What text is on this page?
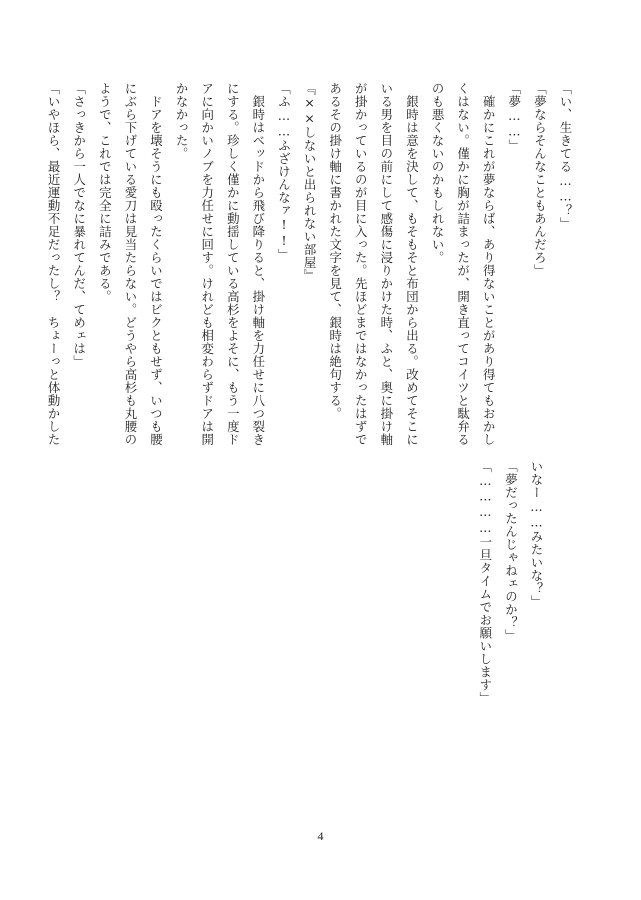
「い、生きてる……？」
「夢ならそんなこともあんだろ」
「夢……」
　確かにこれが夢ならば、あり得ないことがあり得てもおかし
くはない。僅かに胸が詰まったが、開き直ってコイツと駄弁る
のも悪くないのかもしれない。
　銀時は意を決して、もそもそと布団から出る。改めてそこに
いる男を目の前にして感傷に浸りかけた時、ふと、奥に掛け軸
が掛かっているのが目に入った。先ほどまではなかったはずで
あるその掛け軸に書かれた文字を見て、銀時は絶句する。
『××しないと出られない部屋』
「ふ……ふざけんなァ!!」
　銀時はベッドから飛び降りると、掛け軸を力任せに八つ裂き
にする。珍しく僅かに動揺している高杉をよそに、もう一度ド
アに向かいノブを力任せに回す。けれども相変わらずドアは開
かなかった。
　ドアを壊そうにも殴ったくらいではビクともせず、いつも腰
にぶら下げている愛刀は見当たらない。どうやら高杉も丸腰の
ようで、これでは完全に詰みである。
「さっきから一人でなに暴れてんだ、てめェは」
「いやほら、最近運動不足だったし？　ちょーっと体動かした
いなー……みたいな？」
「夢だったんじゃねェのか？」
「…………一旦タイムでお願いします」
4
